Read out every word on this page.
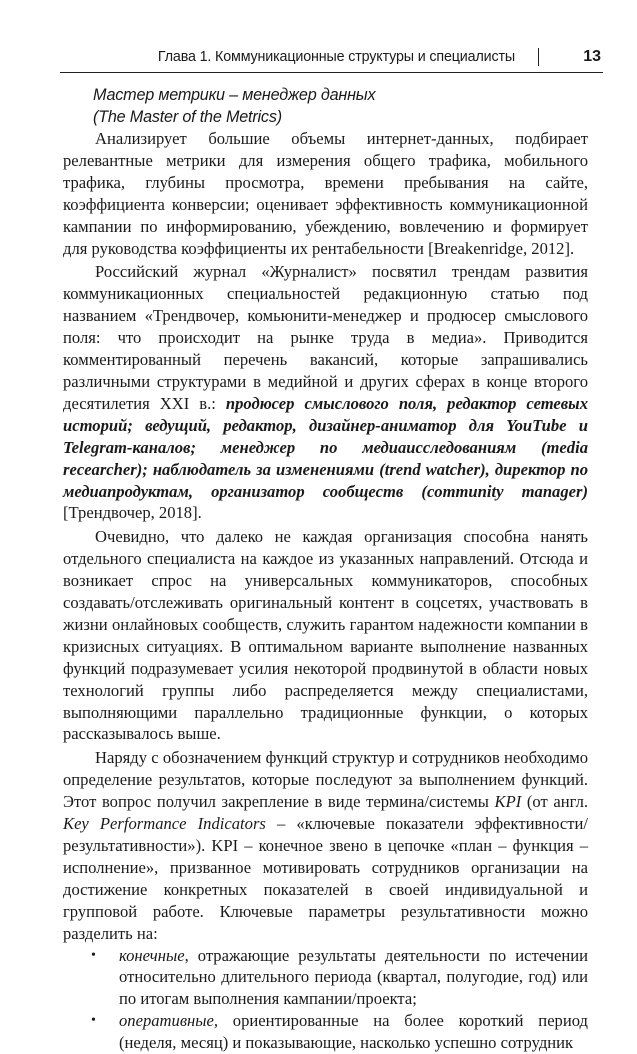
Глава 1. Коммуникационные структуры и специалисты	13
Мастер метрики – менеджер данных
(The Master of the Metrics)

Анализирует большие объемы интернет-данных, подбирает релевантные метрики для измерения общего трафика, мобильного трафика, глубины просмотра, времени пребывания на сайте, коэффициента конверсии; оценивает эффективность коммуникационной кампании по информированию, убеждению, вовлечению и формирует для руководства коэффициенты их рентабельности [Breakenridge, 2012].

Российский журнал «Журналист» посвятил трендам развития коммуникационных специальностей редакционную статью под названием «Трендвочер, комьюнити-менеджер и продюсер смыслового поля: что происходит на рынке труда в медиа». Приводится комментированный перечень вакансий, которые запрашивались различными структурами в медийной и других сферах в конце второго десятилетия XXI в.: продюсер смыслового поля, редактор сетевых историй; ведущий, редактор, дизайнер-аниматор для YouTube и Telegram-каналов; менеджер по медиаисследованиям (media recearcher); наблюдатель за изменениями (trend watcher), директор по медиапродуктам, организатор сообществ (community manager) [Трендвочер, 2018].

Очевидно, что далеко не каждая организация способна нанять отдельного специалиста на каждое из указанных направлений. Отсюда и возникает спрос на универсальных коммуникаторов, способных создавать/отслеживать оригинальный контент в соцсетях, участвовать в жизни онлайновых сообществ, служить гарантом надежности компании в кризисных ситуациях. В оптимальном варианте выполнение названных функций подразумевает усилия некоторой продвинутой в области новых технологий группы либо распределяется между специалистами, выполняющими параллельно традиционные функции, о которых рассказывалось выше.

Наряду с обозначением функций структур и сотрудников необходимо определение результатов, которые последуют за выполнением функций. Этот вопрос получил закрепление в виде термина/системы KPI (от англ. Key Performance Indicators – «ключевые показатели эффективности/результативности»). KPI – конечное звено в цепочке «план – функция – исполнение», призванное мотивировать сотрудников организации на достижение конкретных показателей в своей индивидуальной и групповой работе. Ключевые параметры результативности можно разделить на:

• конечные, отражающие результаты деятельности по истечении относительно длительного периода (квартал, полугодие, год) или по итогам выполнения кампании/проекта;
• оперативные, ориентированные на более короткий период (неделя, месяц) и показывающие, насколько успешно сотрудник
